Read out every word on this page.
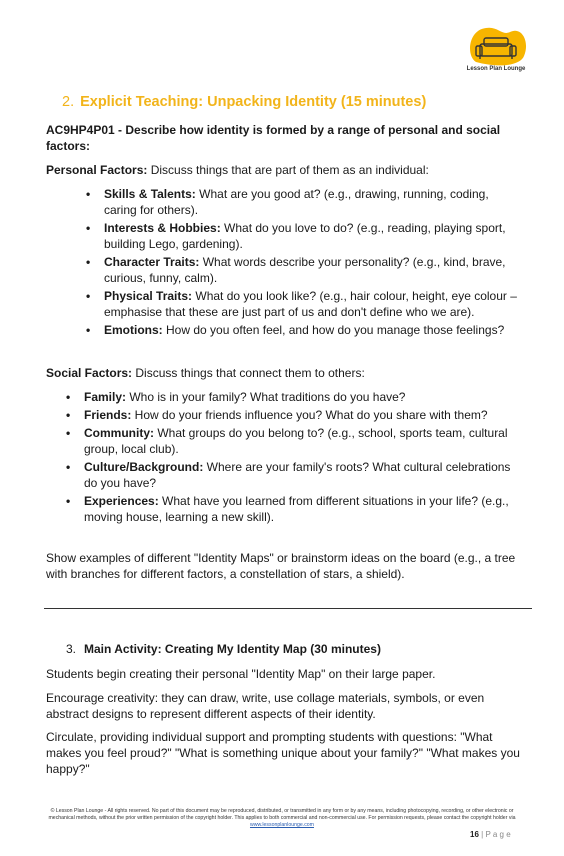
Lesson Plan Lounge
2. Explicit Teaching: Unpacking Identity (15 minutes)
AC9HP4P01 - Describe how identity is formed by a range of personal and social factors:
Personal Factors: Discuss things that are part of them as an individual:
• Skills & Talents: What are you good at? (e.g., drawing, running, coding, caring for others).
• Interests & Hobbies: What do you love to do? (e.g., reading, playing sport, building Lego, gardening).
• Character Traits: What words describe your personality? (e.g., kind, brave, curious, funny, calm).
• Physical Traits: What do you look like? (e.g., hair colour, height, eye colour – emphasise that these are just part of us and don't define who we are).
• Emotions: How do you often feel, and how do you manage those feelings?
Social Factors: Discuss things that connect them to others:
• Family: Who is in your family? What traditions do you have?
• Friends: How do your friends influence you? What do you share with them?
• Community: What groups do you belong to? (e.g., school, sports team, cultural group, local club).
• Culture/Background: Where are your family's roots? What cultural celebrations do you have?
• Experiences: What have you learned from different situations in your life? (e.g., moving house, learning a new skill).
Show examples of different "Identity Maps" or brainstorm ideas on the board (e.g., a tree with branches for different factors, a constellation of stars, a shield).
3. Main Activity: Creating My Identity Map (30 minutes)
Students begin creating their personal "Identity Map" on their large paper.
Encourage creativity: they can draw, write, use collage materials, symbols, or even abstract designs to represent different aspects of their identity.
Circulate, providing individual support and prompting students with questions: "What makes you feel proud?" "What is something unique about your family?" "What makes you happy?"
© Lesson Plan Lounge - All rights reserved. No part of this document may be reproduced, distributed, or transmitted in any form or by any means, including photocopying, recording, or other electronic or mechanical methods, without the prior written permission of the copyright holder. This applies to both commercial and non-commercial use. For permission requests, please contact the copyright holder via
www.lessonplanlounge.com
16 | P a g e
